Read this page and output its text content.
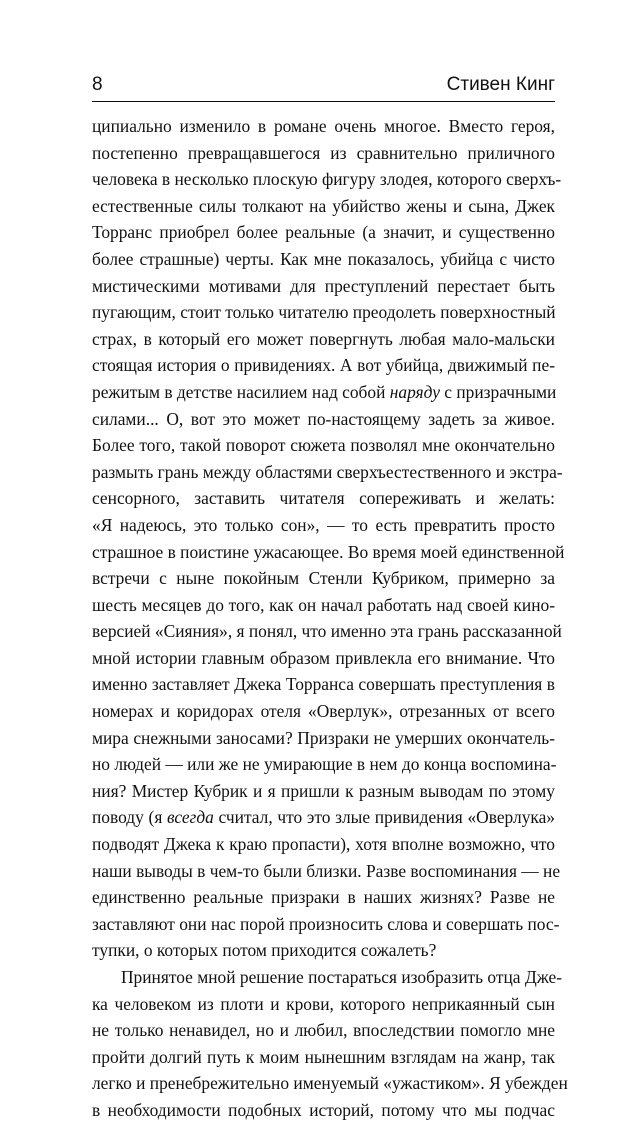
8	Стивен Кинг
ципиально изменило в романе очень многое. Вместо героя,
постепенно превращавшегося из сравнительно приличного
человека в несколько плоскую фигуру злодея, которого сверхъ-
естественные силы толкают на убийство жены и сына, Джек
Торранс приобрел более реальные (а значит, и существенно
более страшные) черты. Как мне показалось, убийца с чисто
мистическими мотивами для преступлений перестает быть
пугающим, стоит только читателю преодолеть поверхностный
страх, в который его может повергнуть любая мало-мальски
стоящая история о привидениях. А вот убийца, движимый пе-
режитым в детстве насилием над собой наряду с призрачными
силами... О, вот это может по-настоящему задеть за живое.
Более того, такой поворот сюжета позволял мне окончательно
размыть грань между областями сверхъестественного и экстра-
сенсорного, заставить читателя сопереживать и желать:
«Я надеюсь, это только сон», — то есть превратить просто
страшное в поистине ужасающее. Во время моей единственной
встречи с ныне покойным Стенли Кубриком, примерно за
шесть месяцев до того, как он начал работать над своей кино-
версией «Сияния», я понял, что именно эта грань рассказанной
мной истории главным образом привлекла его внимание. Что
именно заставляет Джека Торранса совершать преступления в
номерах и коридорах отеля «Оверлук», отрезанных от всего
мира снежными заносами? Призраки не умерших окончатель-
но людей — или же не умирающие в нем до конца воспомина-
ния? Мистер Кубрик и я пришли к разным выводам по этому
поводу (я всегда считал, что это злые привидения «Оверлука»
подводят Джека к краю пропасти), хотя вполне возможно, что
наши выводы в чем-то были близки. Разве воспоминания — не
единственно реальные призраки в наших жизнях? Разве не
заставляют они нас порой произносить слова и совершать пос-
тупки, о которых потом приходится сожалеть?
Принятое мной решение постараться изобразить отца Дже-
ка человеком из плоти и крови, которого неприкаянный сын
не только ненавидел, но и любил, впоследствии помогло мне
пройти долгий путь к моим нынешним взглядам на жанр, так
легко и пренебрежительно именуемый «ужастиком». Я убежден
в необходимости подобных историй, потому что мы подчас
